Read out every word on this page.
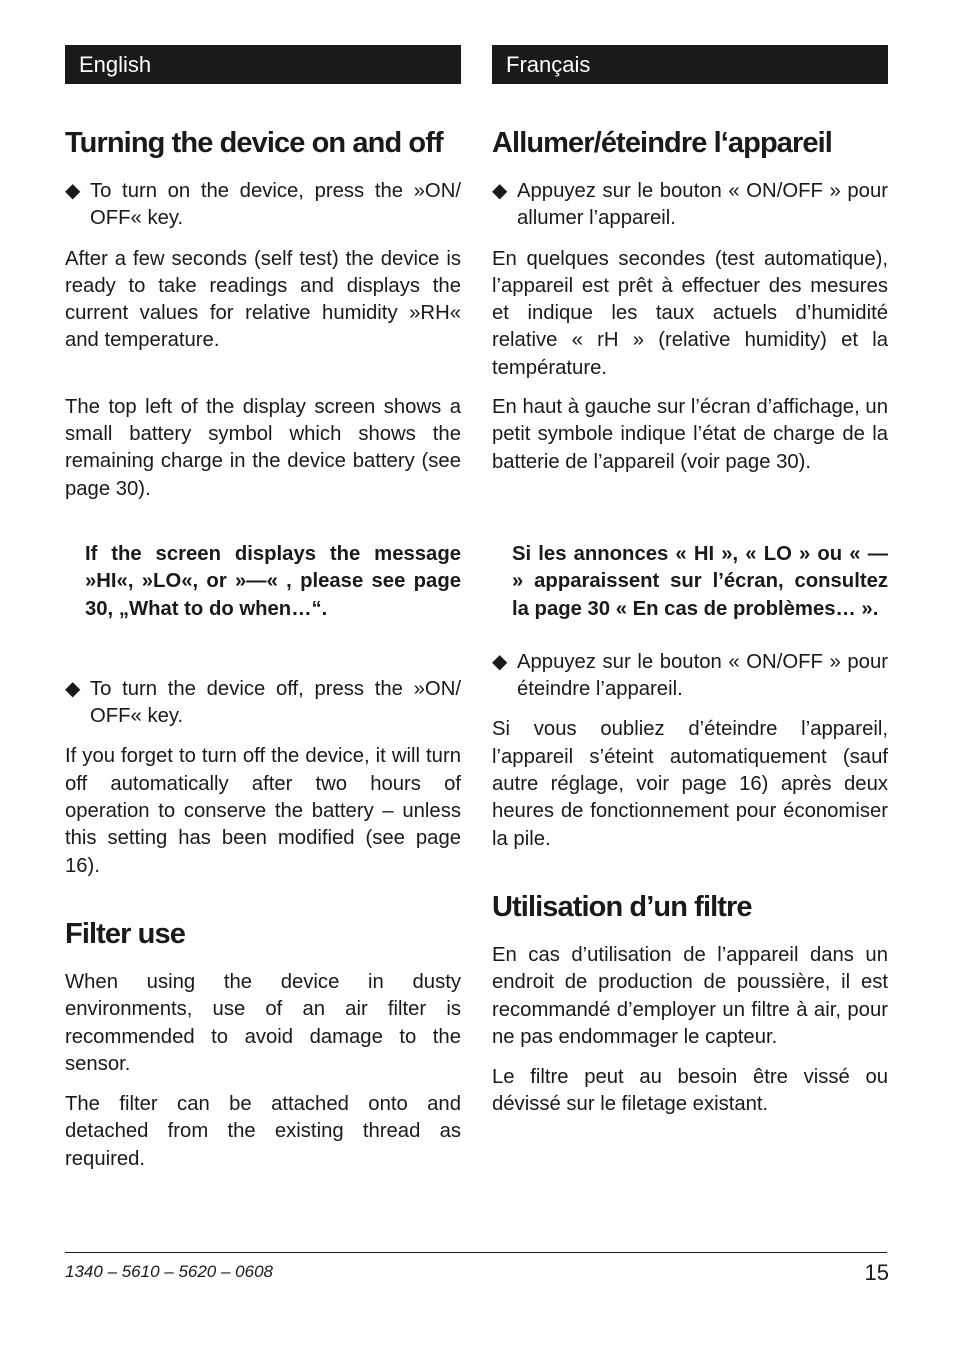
English
Turning the device on and off

◆ To turn on the device, press the »ON/ OFF« key.

After a few seconds (self test) the device is ready to take readings and displays the current values for relative humidity »RH« and temperature.

The top left of the display screen shows a small battery symbol which shows the remaining charge in the device battery (see page 30).

If the screen displays the message »HI«, »LO«, or »—« , please see page 30, „What to do when…“.

◆ To turn the device off, press the »ON/ OFF« key.

If you forget to turn off the device, it will turn off automatically after two hours of operation to conserve the battery – unless this setting has been modified (see page 16).

Filter use

When using the device in dusty environments, use of an air filter is recommended to avoid damage to the sensor.

The filter can be attached onto and detached from the existing thread as required.

Français
Allumer/éteindre l‘appareil

◆ Appuyez sur le bouton « ON/OFF » pour allumer l’appareil.

En quelques secondes (test automatique), l’appareil est prêt à effectuer des mesures et indique les taux actuels d’humidité relative « rH » (relative humidity) et la température.

En haut à gauche sur l’écran d’affichage, un petit symbole indique l’état de charge de la batterie de l’appareil (voir page 30).

Si les annonces « HI », « LO » ou « — » apparaissent sur l’écran, consultez la page 30 « En cas de problèmes… ».

◆ Appuyez sur le bouton « ON/OFF » pour éteindre l’appareil.

Si vous oubliez d’éteindre l’appareil, l’appareil s’éteint automatiquement (sauf autre réglage, voir page 16) après deux heures de fonctionnement pour économiser la pile.

Utilisation d’un filtre

En cas d’utilisation de l’appareil dans un endroit de production de poussière, il est recommandé d’employer un filtre à air, pour ne pas endommager le capteur.

Le filtre peut au besoin être vissé ou dévissé sur le filetage existant.

1340 – 5610 – 5620 – 0608	15
